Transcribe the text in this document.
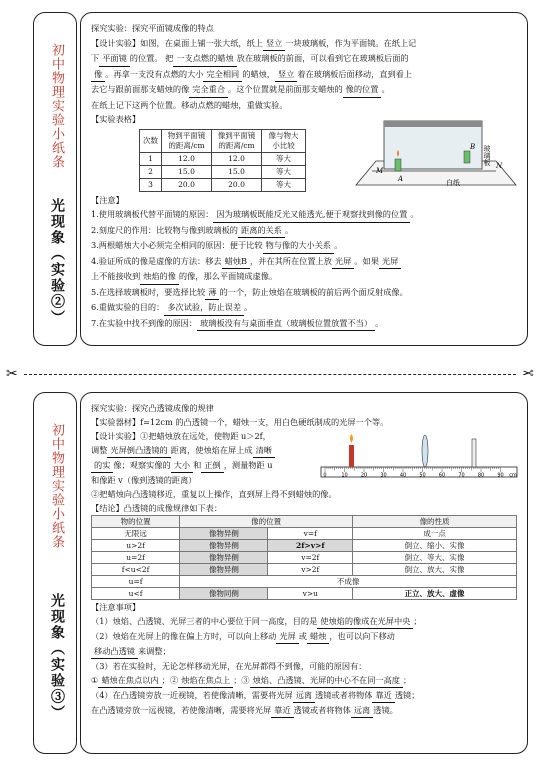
初中物理实验小纸条
光现象（实验②）
探究实验：探究平面镜成像的特点
【设计实验】如图，在桌面上铺一张大纸，纸上 竖立 一块玻璃板，作为平面镜。在纸上记
下 平面镜 的位置。 把 一支点燃的蜡烛 放在玻璃板的前面，可以看到它在玻璃板后面的
像 。再拿一支没有点燃的大小 完全相同 的蜡烛， 竖立 着在玻璃板后面移动，直到看上
去它与跟前面那支蜡烛的像 完全重合 。这个位置就是前面那支蜡烛的 像的位置 。
在纸上记下这两个位置。移动点燃的蜡烛，重做实验。
【实验表格】
次数	物到平面镜的距离/cm	像到平面镜的距离/cm	像与物大小比较
1	12.0	12.0	等大
2	15.0	15.0	等大
3	20.0	20.0	等大
玻璃板
白纸
M
N
A
B
【注意】
1.使用玻璃板代替平面镜的原因： 因为玻璃板既能反光又能透光,便于观察找到像的位置 。
2.刻度尺的作用：比较物与像到玻璃板的 距离的关系 。
3.两根蜡烛大小必须完全相同的原因：便于比较 物与像的大小关系 。
4.验证所成的像是虚像的方法：移去 蜡烛B ，并在其所在位置上放 光屏 。如果 光屏
上不能接收到 烛焰的像 的像，那么平面镜成虚像。
5.在选择玻璃板时，要选择比较 薄 的一个，防止烛焰在玻璃板的前后两个面反射成像。
6.重做实验的目的： 多次试验，防止误差 。
7.在实验中找不到像的原因： 玻璃板没有与桌面垂直（玻璃板位置放置不当） 。
✂	✂
初中物理实验小纸条
光现象（实验③）
探究实验：探究凸透镜成像的规律
【实验器材】f=12cm 的凸透镜一个，蜡烛一支，用白色硬纸制成的光屏一个等。
【设计实验】①把蜡烛放在远处，使物距 u＞2f，
调整 光屏倒凸透镜的 距离，使烛焰在屏上成 清晰
的实 像；观察实像的 大小 和 正倒 ，测量物距 u
和像距 v（像到透镜的距离）	0	10	20	30	40	50	60	70	80	90 cm
②把蜡烛向凸透镜移近，重复以上操作，直到屏上得不到蜡烛的像。
【结论】凸透镜的成像规律如下表：
物的位置	像的位置		像的性质
无限远	像物异侧	v=f	成一点
u>2f	像物异侧	2f>v>f	倒立、缩小、实像
u=2f	像物异侧	v=2f	倒立、等大、实像
f<u<2f	像物异侧	v>2f	倒立、放大、实像
u=f	不成像		
u<f	像物同侧	v>u	正立、放大、虚像
【注意事项】
（1）烛焰、凸透镜、光屏三者的中心要位于同一高度，目的是 使烛焰的像成在光屏中央 ；
（2）烛焰在光屏上的像在偏上方时，可以向上移动 光屏 或 蜡烛 ，也可以向下移动
移动凸透镜 来调整；
（3）若在实验时，无论怎样移动光屏，在光屏都得不到像，可能的原因有：
① 蜡烛在焦点以内 ；② 烛焰在焦点上 ；③ 烛焰、凸透镜、光屏的中心不在同一高度 ；
（4）在凸透镜旁放一近视镜，若使像清晰，需要将光屏 远离 透镜或者将物体 靠近 透镜；
在凸透镜旁放一远视镜，若使像清晰，需要将光屏 靠近 透镜或者将物体 远离 透镜。
